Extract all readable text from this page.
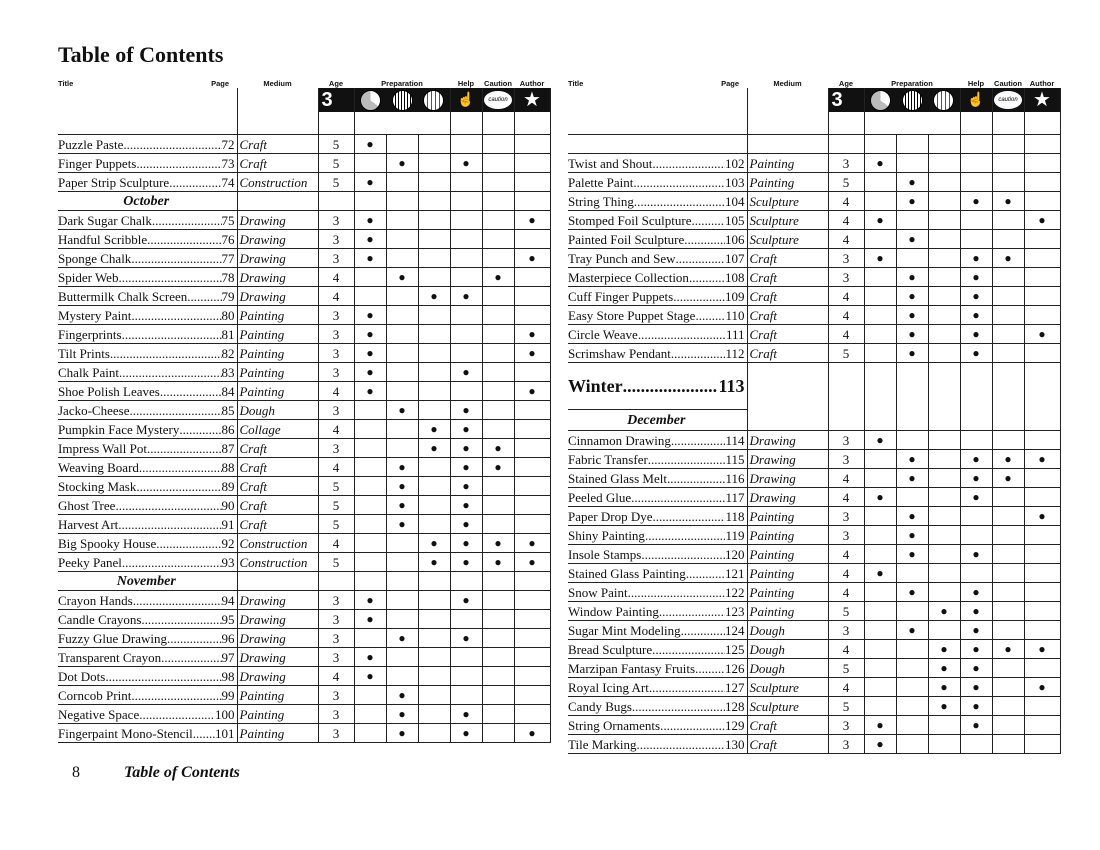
Table of Contents
Title Page	Medium	Age	Preparation			Help	Caution	Author

		3				☝	caution	★

Puzzle Paste ..... 72	Craft	5	●					

Finger Puppets ..... 73	Craft	5		●		●		

Paper Strip Sculpture ..... 74	Construction	5	●					
October								

Dark Sugar Chalk ..... 75	Drawing	3	●					●

Handful Scribble ..... 76	Drawing	3	●					

Sponge Chalk ..... 77	Drawing	3	●					●

Spider Web ..... 78	Drawing	4		●			●	

Buttermilk Chalk Screen ..... 79	Drawing	4			●	●		

Mystery Paint ..... 80	Painting	3	●					

Fingerprints ..... 81	Painting	3	●					●

Tilt Prints ..... 82	Painting	3	●					●

Chalk Paint ..... 83	Painting	3	●			●		

Shoe Polish Leaves ..... 84	Painting	4	●					●

Jacko-Cheese ..... 85	Dough	3		●		●		

Pumpkin Face Mystery ..... 86	Collage	4			●	●		

Impress Wall Pot ..... 87	Craft	3			●	●	●	

Weaving Board ..... 88	Craft	4		●		●	●	

Stocking Mask ..... 89	Craft	5		●		●		

Ghost Tree ..... 90	Craft	5		●		●		

Harvest Art ..... 91	Craft	5		●		●		

Big Spooky House ..... 92	Construction	4			●	●	●	●

Peeky Panel ..... 93	Construction	5			●	●	●	●
November								

Crayon Hands ..... 94	Drawing	3	●			●		

Candle Crayons ..... 95	Drawing	3	●					

Fuzzy Glue Drawing ..... 96	Drawing	3		●		●		

Transparent Crayon ..... 97	Drawing	3	●					

Dot Dots ..... 98	Drawing	4	●					

Corncob Print ..... 99	Painting	3		●				

Negative Space ..... 100	Painting	3		●		●		

Fingerpaint Mono-Stencil ..... 101	Painting	3		●		●		●
Title Page	Medium	Age	Preparation			Help	Caution	Author

		3				☝	caution	★

Twist and Shout ..... 102	Painting	3	●					

Palette Paint ..... 103	Painting	5		●				

String Thing ..... 104	Sculpture	4		●		●	●	

Stomped Foil Sculpture ..... 105	Sculpture	4	●					●

Painted Foil Sculpture ..... 106	Sculpture	4		●				

Tray Punch and Sew ..... 107	Craft	3	●			●	●	

Masterpiece Collection ..... 108	Craft	3		●		●		

Cuff Finger Puppets ..... 109	Craft	4		●		●		

Easy Store Puppet Stage ..... 110	Craft	4		●		●		

Circle Weave ..... 111	Craft	4		●		●		●

Scrimshaw Pendant ..... 112	Craft	5		●		●		

Winter ..... 113

December								

Cinnamon Drawing ..... 114	Drawing	3	●					

Fabric Transfer ..... 115	Drawing	3		●		●	●	●

Stained Glass Melt ..... 116	Drawing	4		●		●	●	

Peeled Glue ..... 117	Drawing	4	●			●		

Paper Drop Dye ..... 118	Painting	3		●				●

Shiny Painting ..... 119	Painting	3		●				

Insole Stamps ..... 120	Painting	4		●		●		

Stained Glass Painting ..... 121	Painting	4	●					

Snow Paint ..... 122	Painting	4		●		●		

Window Painting ..... 123	Painting	5			●	●		

Sugar Mint Modeling ..... 124	Dough	3		●		●		

Bread Sculpture ..... 125	Dough	4			●	●	●	●

Marzipan Fantasy Fruits ..... 126	Dough	5			●	●		

Royal Icing Art ..... 127	Sculpture	4			●	●		●

Candy Bugs ..... 128	Sculpture	5			●	●		

String Ornaments ..... 129	Craft	3	●			●		

Tile Marking ..... 130	Craft	3	●					
8	Table of Contents
